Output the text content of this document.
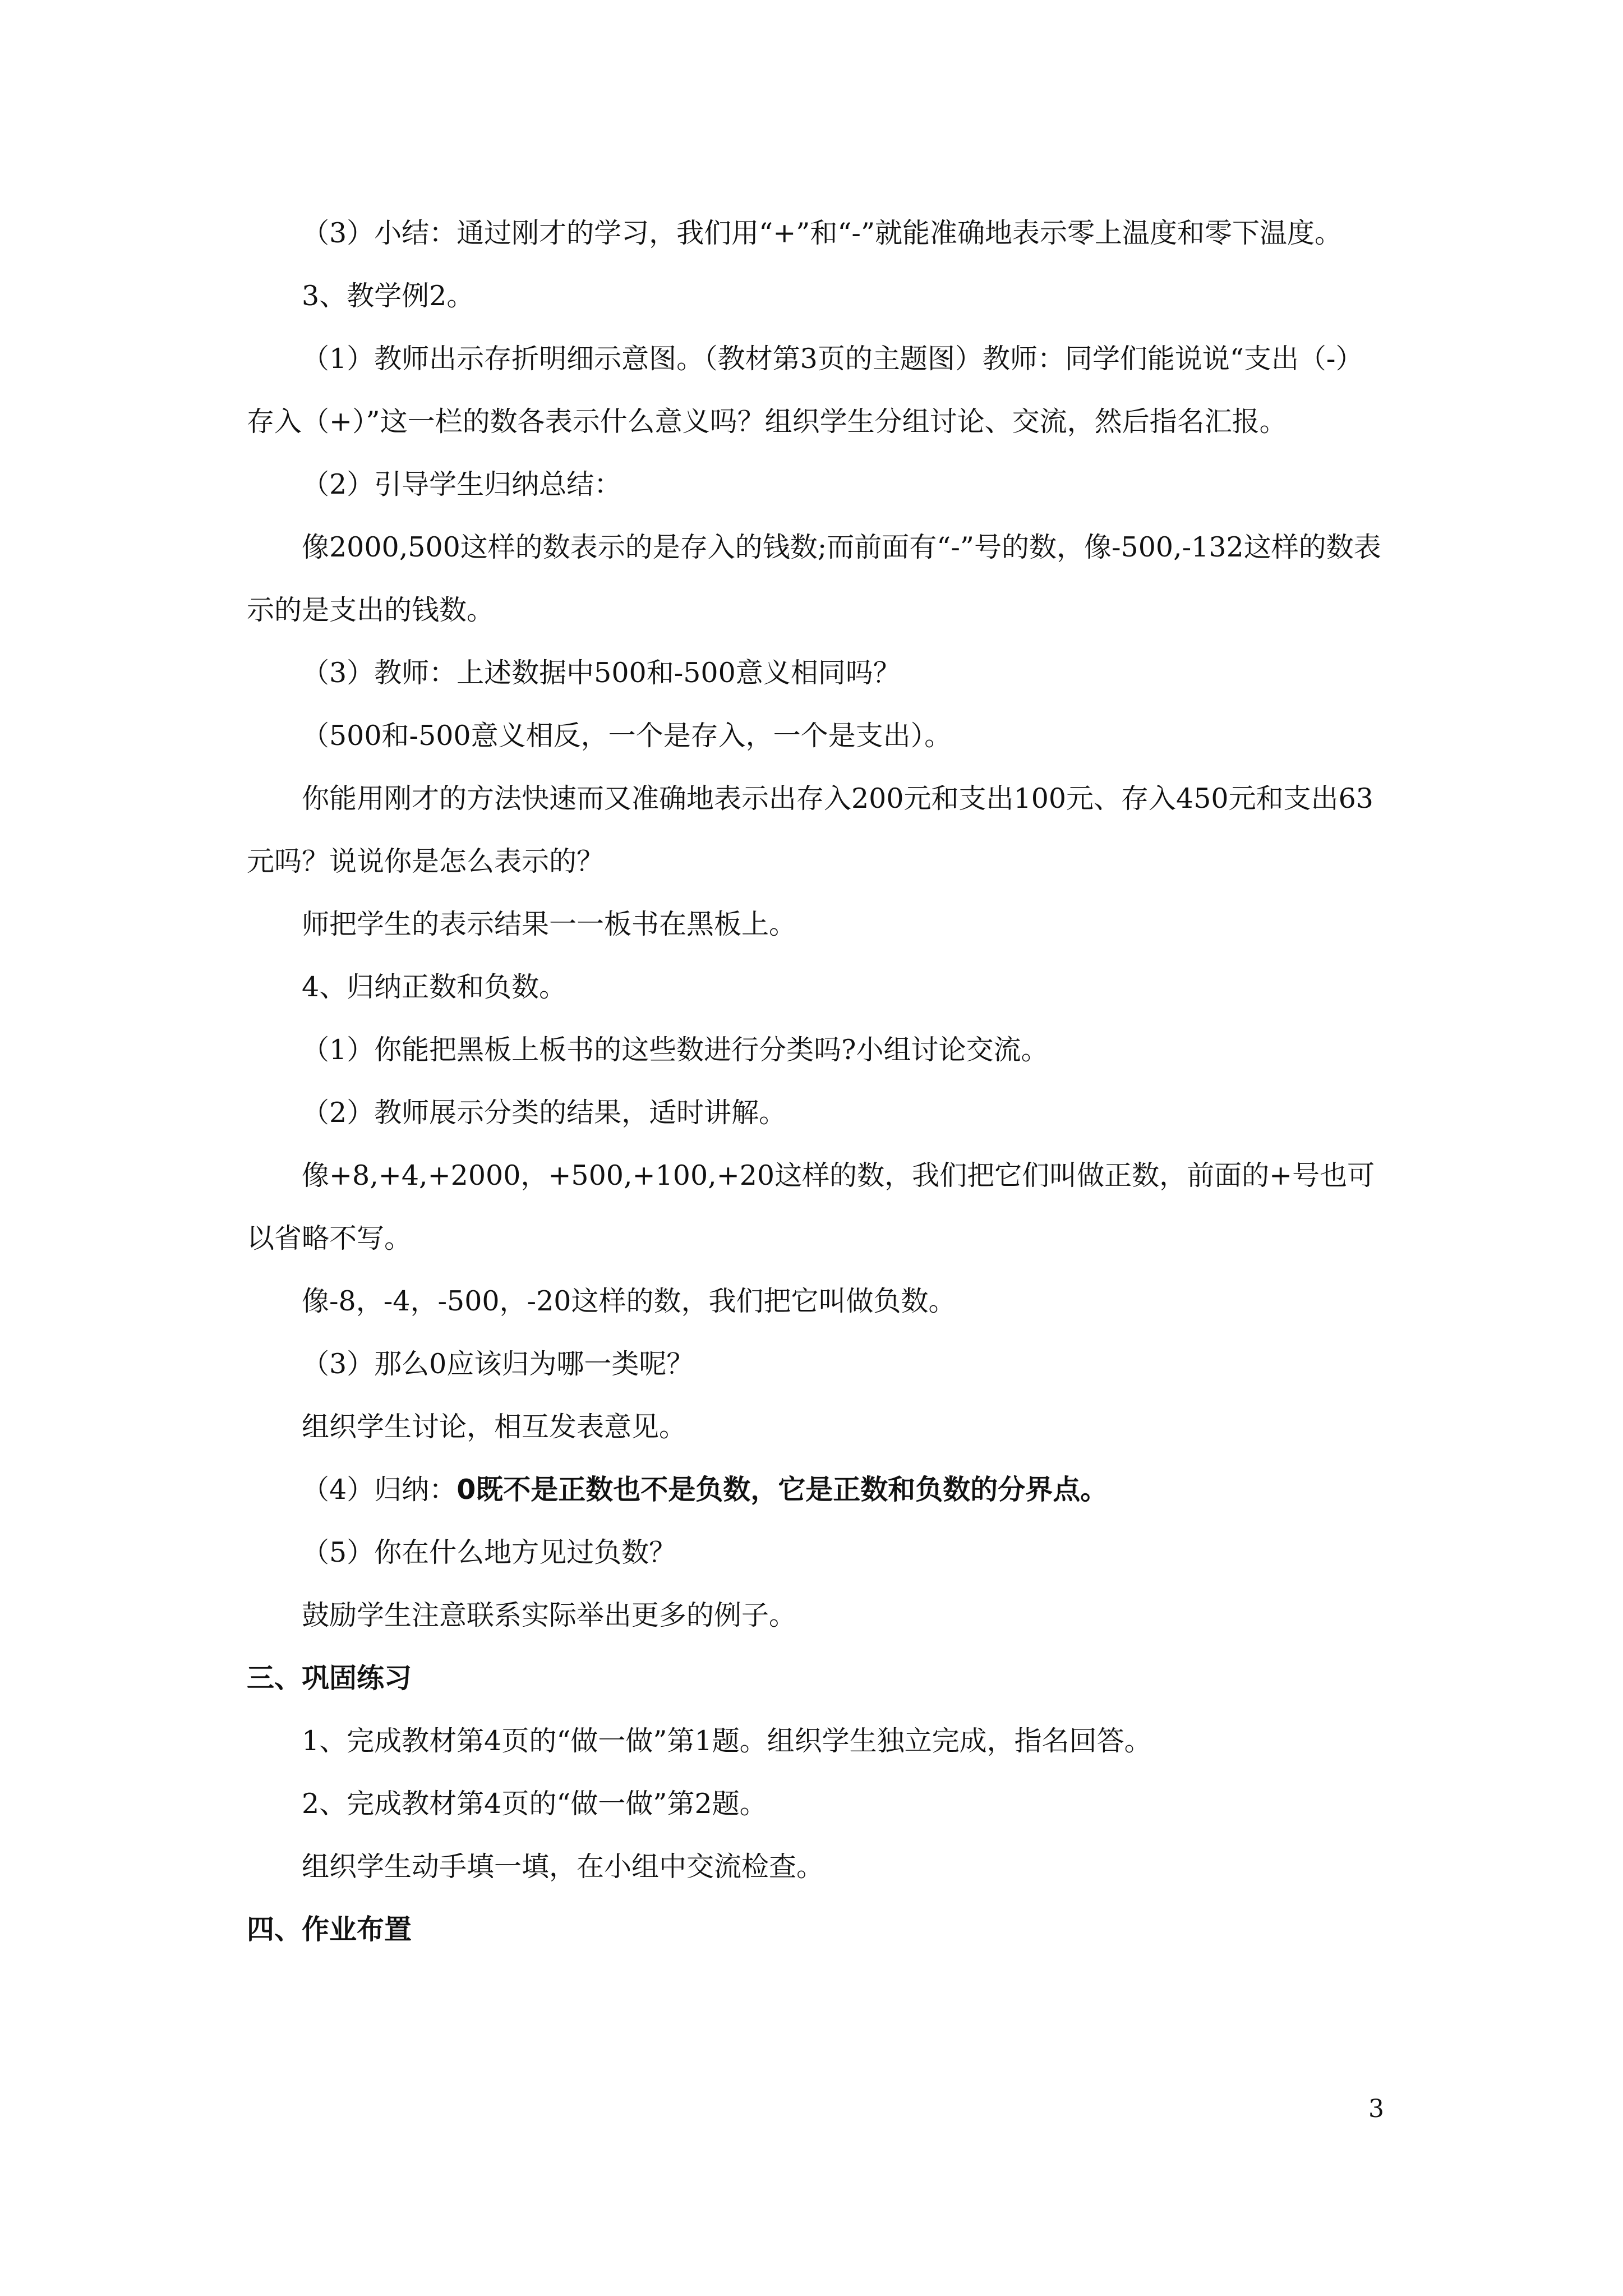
（3）小结：通过刚才的学习，我们用“+”和“-”就能准确地表示零上温度和零下温度。

3、教学例2。

（1）教师出示存折明细示意图。（教材第3页的主题图）教师：同学们能说说“支出（-） 存入（+）”这一栏的数各表示什么意义吗？组织学生分组讨论、交流，然后指名汇报。

（2）引导学生归纳总结：

像2000,500这样的数表示的是存入的钱数;而前面有“-”号的数，像-500,-132这样的数表示的是支出的钱数。

（3）教师：上述数据中500和-500意义相同吗？

（500和-500意义相反，一个是存入，一个是支出）。

你能用刚才的方法快速而又准确地表示出存入200元和支出100元、存入450元和支出63元吗？说说你是怎么表示的？

师把学生的表示结果一一板书在黑板上。

4、归纳正数和负数。

（1）你能把黑板上板书的这些数进行分类吗?小组讨论交流。

（2）教师展示分类的结果，适时讲解。

像+8,+4,+2000，+500,+100,+20这样的数，我们把它们叫做正数，前面的+号也可以省略不写。

像-8，-4，-500，-20这样的数，我们把它叫做负数。

（3）那么0应该归为哪一类呢？

组织学生讨论，相互发表意见。

（4）归纳：0既不是正数也不是负数，它是正数和负数的分界点。

（5）你在什么地方见过负数？

鼓励学生注意联系实际举出更多的例子。

三、巩固练习

1、完成教材第4页的“做一做”第1题。组织学生独立完成，指名回答。

2、完成教材第4页的“做一做”第2题。

组织学生动手填一填，在小组中交流检查。

四、作业布置

3
